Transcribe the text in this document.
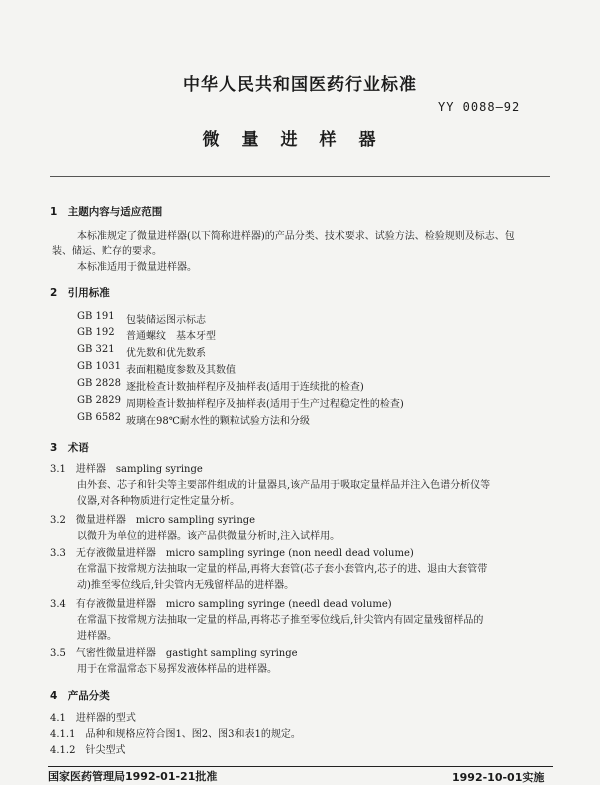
中华人民共和国医药行业标准
YY 0088—92
微量进样器
1　主题内容与适应范围
本标准规定了微量进样器(以下简称进样器)的产品分类、技术要求、试验方法、检验规则及标志、包
装、储运、贮存的要求。
本标准适用于微量进样器。
2　引用标准
GB 191 包装储运图示标志
GB 192 普通螺纹　基本牙型
GB 321 优先数和优先数系
GB 1031 表面粗糙度参数及其数值
GB 2828 逐批检查计数抽样程序及抽样表(适用于连续批的检查)
GB 2829 周期检查计数抽样程序及抽样表(适用于生产过程稳定性的检查)
GB 6582 玻璃在98℃耐水性的颗粒试验方法和分级
3　术语
3.1　进样器　sampling syringe
由外套、芯子和针尖等主要部件组成的计量器具,该产品用于吸取定量样品并注入色谱分析仪等
仪器,对各种物质进行定性定量分析。
3.2　微量进样器　micro sampling syringe
以微升为单位的进样器。该产品供微量分析时,注入试样用。
3.3　无存液微量进样器　micro sampling syringe (non needl dead volume)
在常温下按常规方法抽取一定量的样品,再将大套管(芯子套小套管内,芯子的进、退由大套管带
动)推至零位线后,针尖管内无残留样品的进样器。
3.4　有存液微量进样器　micro sampling syringe (needl dead volume)
在常温下按常规方法抽取一定量的样品,再将芯子推至零位线后,针尖管内有固定量残留样品的
进样器。
3.5　气密性微量进样器　gastight sampling syringe
用于在常温常态下易挥发液体样品的进样器。
4　产品分类
4.1　进样器的型式
4.1.1　品种和规格应符合图1、图2、图3和表1的规定。
4.1.2　针尖型式
国家医药管理局1992-01-21批准	1992-10-01实施
